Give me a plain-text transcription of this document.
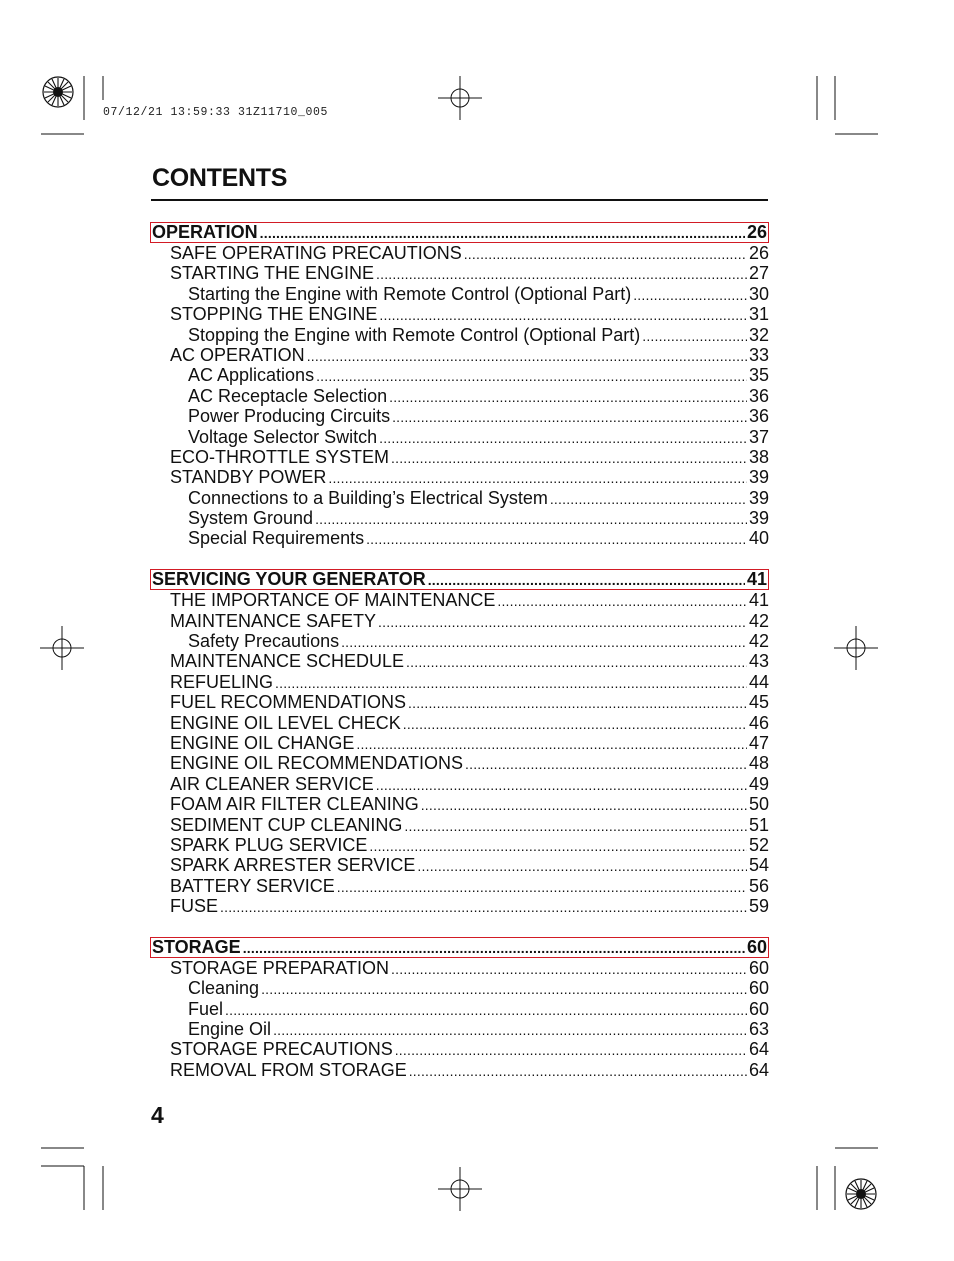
07/12/21 13:59:33 31Z11710_005
CONTENTS
OPERATION .....	26
SAFE OPERATING PRECAUTIONS .....	26
STARTING THE ENGINE .....	27
Starting the Engine with Remote Control (Optional Part) .....	30
STOPPING THE ENGINE .....	31
Stopping the Engine with Remote Control (Optional Part) .....	32
AC OPERATION .....	33
AC Applications .....	35
AC Receptacle Selection .....	36
Power Producing Circuits .....	36
Voltage Selector Switch .....	37
ECO-THROTTLE SYSTEM .....	38
STANDBY POWER .....	39
Connections to a Building’s Electrical System .....	39
System Ground .....	39
Special Requirements .....	40
SERVICING YOUR GENERATOR .....	41
THE IMPORTANCE OF MAINTENANCE .....	41
MAINTENANCE SAFETY .....	42
Safety Precautions .....	42
MAINTENANCE SCHEDULE .....	43
REFUELING .....	44
FUEL RECOMMENDATIONS .....	45
ENGINE OIL LEVEL CHECK .....	46
ENGINE OIL CHANGE .....	47
ENGINE OIL RECOMMENDATIONS .....	48
AIR CLEANER SERVICE .....	49
FOAM AIR FILTER CLEANING .....	50
SEDIMENT CUP CLEANING .....	51
SPARK PLUG SERVICE .....	52
SPARK ARRESTER SERVICE .....	54
BATTERY SERVICE .....	56
FUSE .....	59
STORAGE .....	60
STORAGE PREPARATION .....	60
Cleaning .....	60
Fuel .....	60
Engine Oil .....	63
STORAGE PRECAUTIONS .....	64
REMOVAL FROM STORAGE .....	64
4
